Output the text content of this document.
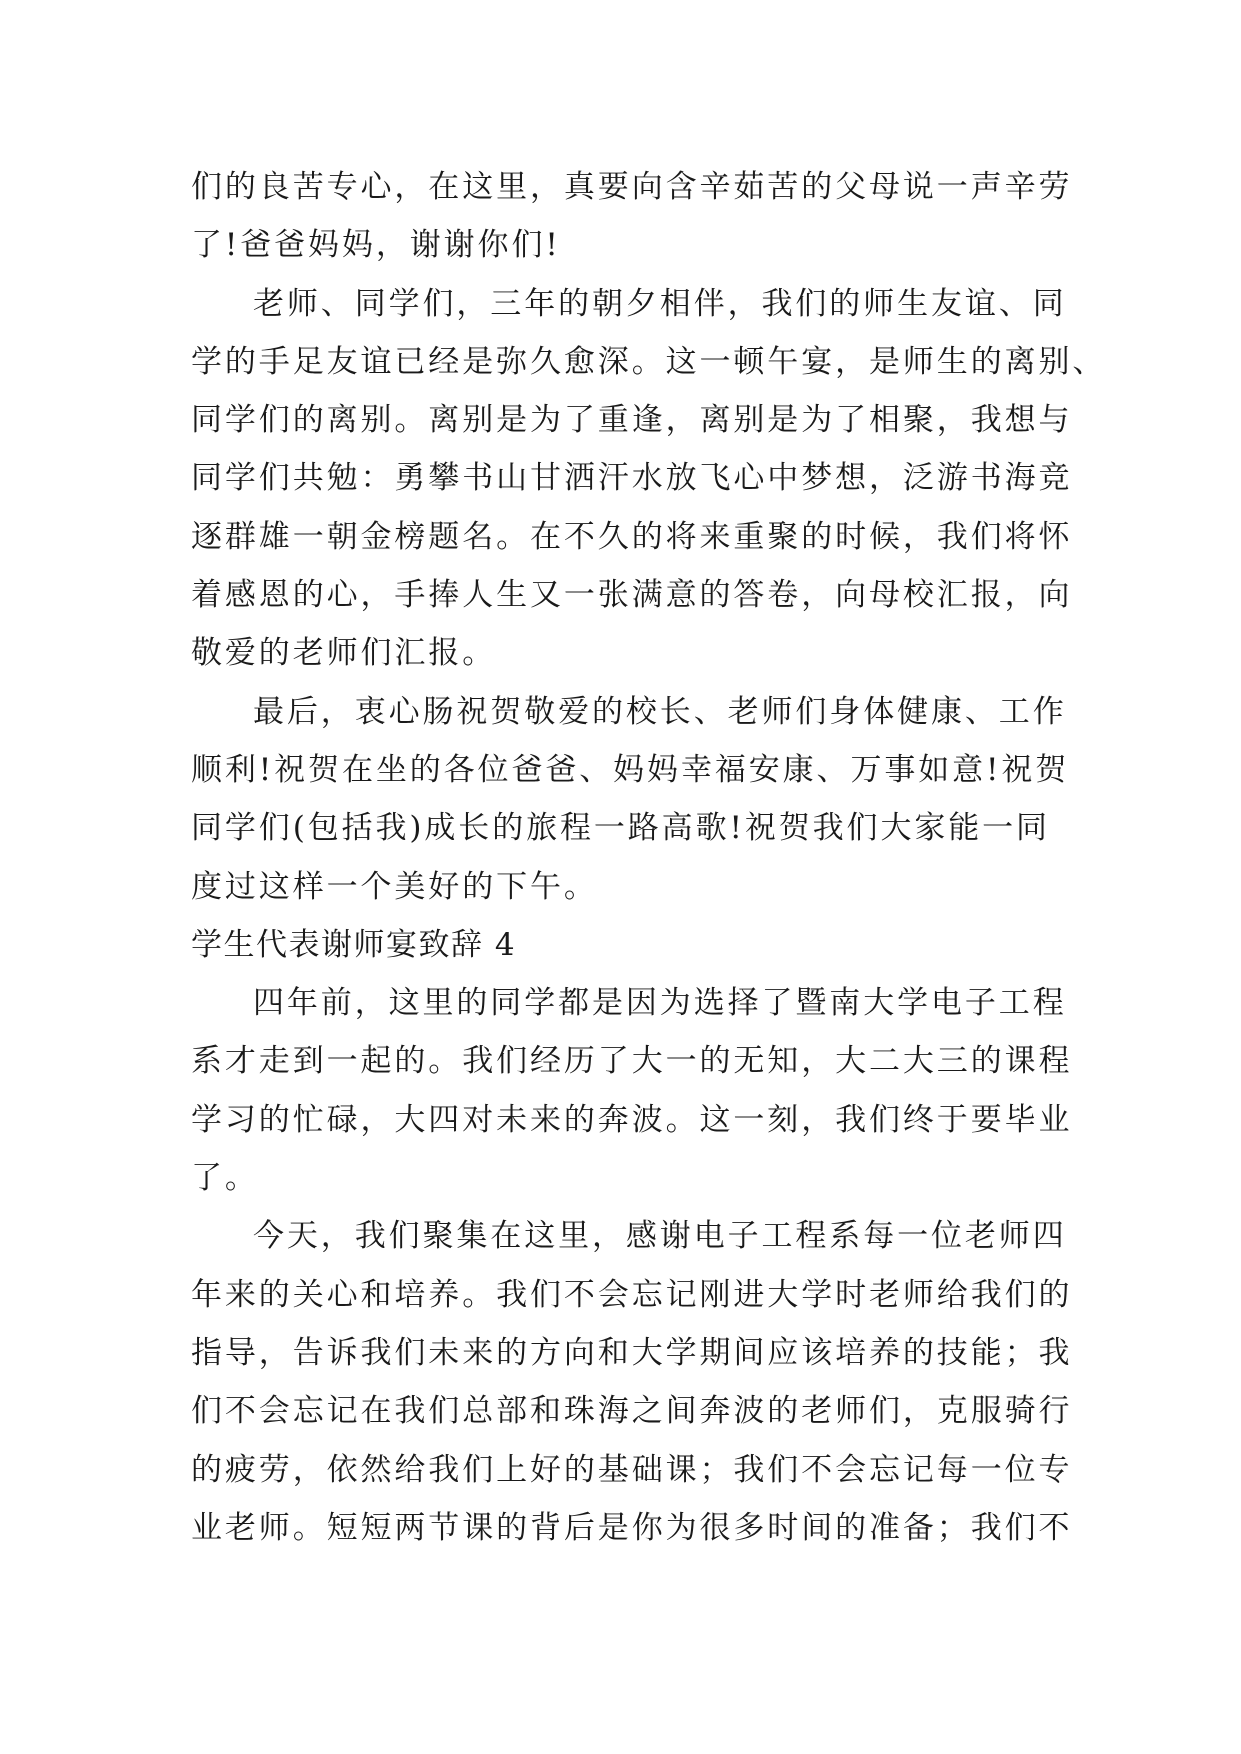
们的良苦专心，在这里，真要向含辛茹苦的父母说一声辛劳
了!爸爸妈妈，谢谢你们!
老师、同学们，三年的朝夕相伴，我们的师生友谊、同
学的手足友谊已经是弥久愈深。这一顿午宴，是师生的离别、
同学们的离别。离别是为了重逢，离别是为了相聚，我想与
同学们共勉：勇攀书山甘洒汗水放飞心中梦想，泛游书海竞
逐群雄一朝金榜题名。在不久的将来重聚的时候，我们将怀
着感恩的心，手捧人生又一张满意的答卷，向母校汇报，向
敬爱的老师们汇报。
最后，衷心肠祝贺敬爱的校长、老师们身体健康、工作
顺利!祝贺在坐的各位爸爸、妈妈幸福安康、万事如意!祝贺
同学们(包括我)成长的旅程一路高歌!祝贺我们大家能一同
度过这样一个美好的下午。
学生代表谢师宴致辞 4
四年前，这里的同学都是因为选择了暨南大学电子工程
系才走到一起的。我们经历了大一的无知，大二大三的课程
学习的忙碌，大四对未来的奔波。这一刻，我们终于要毕业
了。
今天，我们聚集在这里，感谢电子工程系每一位老师四
年来的关心和培养。我们不会忘记刚进大学时老师给我们的
指导，告诉我们未来的方向和大学期间应该培养的技能；我
们不会忘记在我们总部和珠海之间奔波的老师们，克服骑行
的疲劳，依然给我们上好的基础课；我们不会忘记每一位专
业老师。短短两节课的背后是你为很多时间的准备；我们不
